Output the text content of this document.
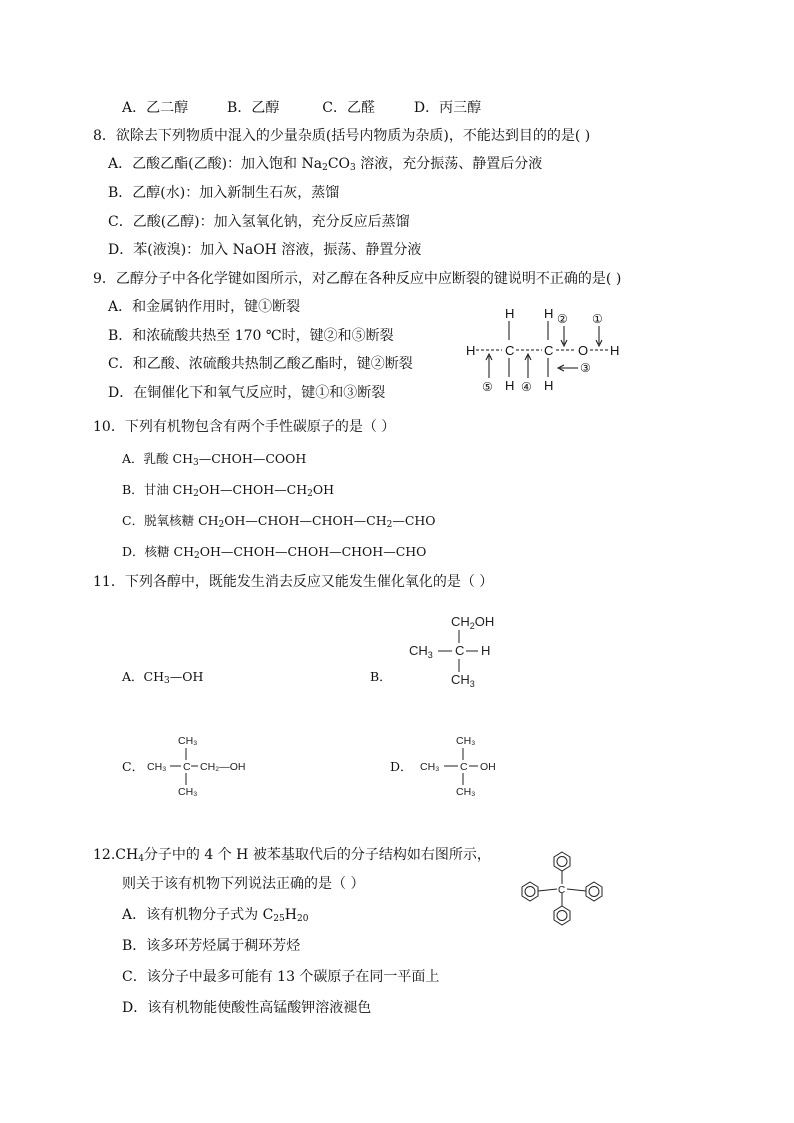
A．乙二醇	B．乙醇	C．乙醛	D．丙三醇
8．欲除去下列物质中混入的少量杂质(括号内物质为杂质)，不能达到目的的是( )
A．乙酸乙酯(乙酸)：加入饱和 $Na_2CO_3$ 溶液，充分振荡、静置后分液
B．乙醇(水)：加入新制生石灰，蒸馏
C．乙酸(乙醇)：加入氢氧化钠，充分反应后蒸馏
D．苯(液溴)：加入 NaOH 溶液，振荡、静置分液
9．乙醇分子中各化学键如图所示，对乙醇在各种反应中应断裂的键说明不正确的是( )
A．和金属钠作用时，键①断裂
B．和浓硫酸共热至 170 ℃时，键②和⑤断裂
C．和乙酸、浓硫酸共热制乙酸乙酯时，键②断裂
D．在铜催化下和氧气反应时，键①和③断裂
H H
H C C O H
H H
② ①
③
④
⑤
10．下列有机物包含有两个手性碳原子的是（ ）
A．乳酸 $CH_3—CHOH—COOH$
B．甘油 $CH_2OH—CHOH—CH_2OH$
C．脱氧核糖 $CH_2OH—CHOH—CHOH—CH_2—CHO$
D．核糖 $CH_2OH—CHOH—CHOH—CHOH—CHO$
11．下列各醇中，既能发生消去反应又能发生催化氧化的是（ ）
A．$CH_3—OH$	B．
$CH_2OH$
$CH_3$ C H
$CH_3$
C．
CH₃
CH₃ C CH₂—OH
CH₃
D．
CH₃
CH₃ C OH
CH₃
$12.CH_4$分子中的 4 个 H 被苯基取代后的分子结构如右图所示，
则关于该有机物下列说法正确的是（ ）
A．该有机物分子式为 $C_{25}H_{20}$
B．该多环芳烃属于稠环芳烃
C．该分子中最多可能有 13 个碳原子在同一平面上
D．该有机物能使酸性高锰酸钾溶液褪色
C
